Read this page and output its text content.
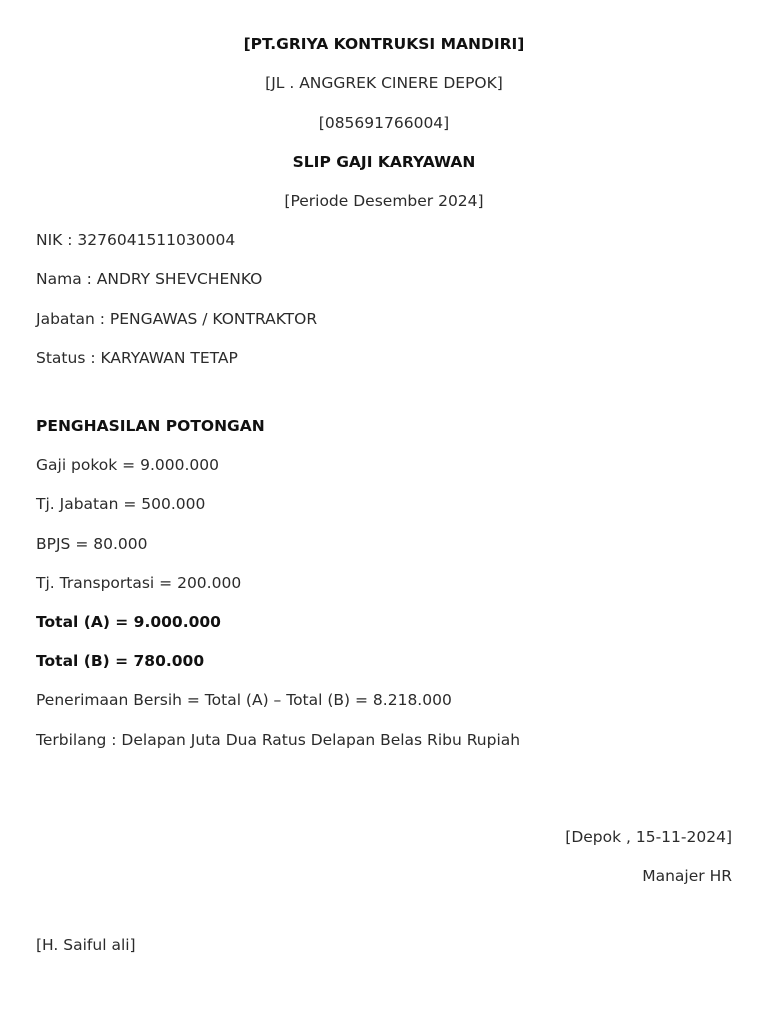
[PT.GRIYA KONTRUKSI MANDIRI]
[JL . ANGGREK CINERE DEPOK]
[085691766004]
SLIP GAJI KARYAWAN
[Periode Desember 2024]
NIK : 3276041511030004
Nama : ANDRY SHEVCHENKO
Jabatan : PENGAWAS / KONTRAKTOR
Status : KARYAWAN TETAP
PENGHASILAN POTONGAN
Gaji pokok = 9.000.000
Tj. Jabatan = 500.000
BPJS = 80.000
Tj. Transportasi = 200.000
Total (A) = 9.000.000
Total (B) = 780.000
Penerimaan Bersih = Total (A) – Total (B) = 8.218.000
Terbilang : Delapan Juta Dua Ratus Delapan Belas Ribu Rupiah
[Depok , 15-11-2024]
Manajer HR
[H. Saiful ali]
